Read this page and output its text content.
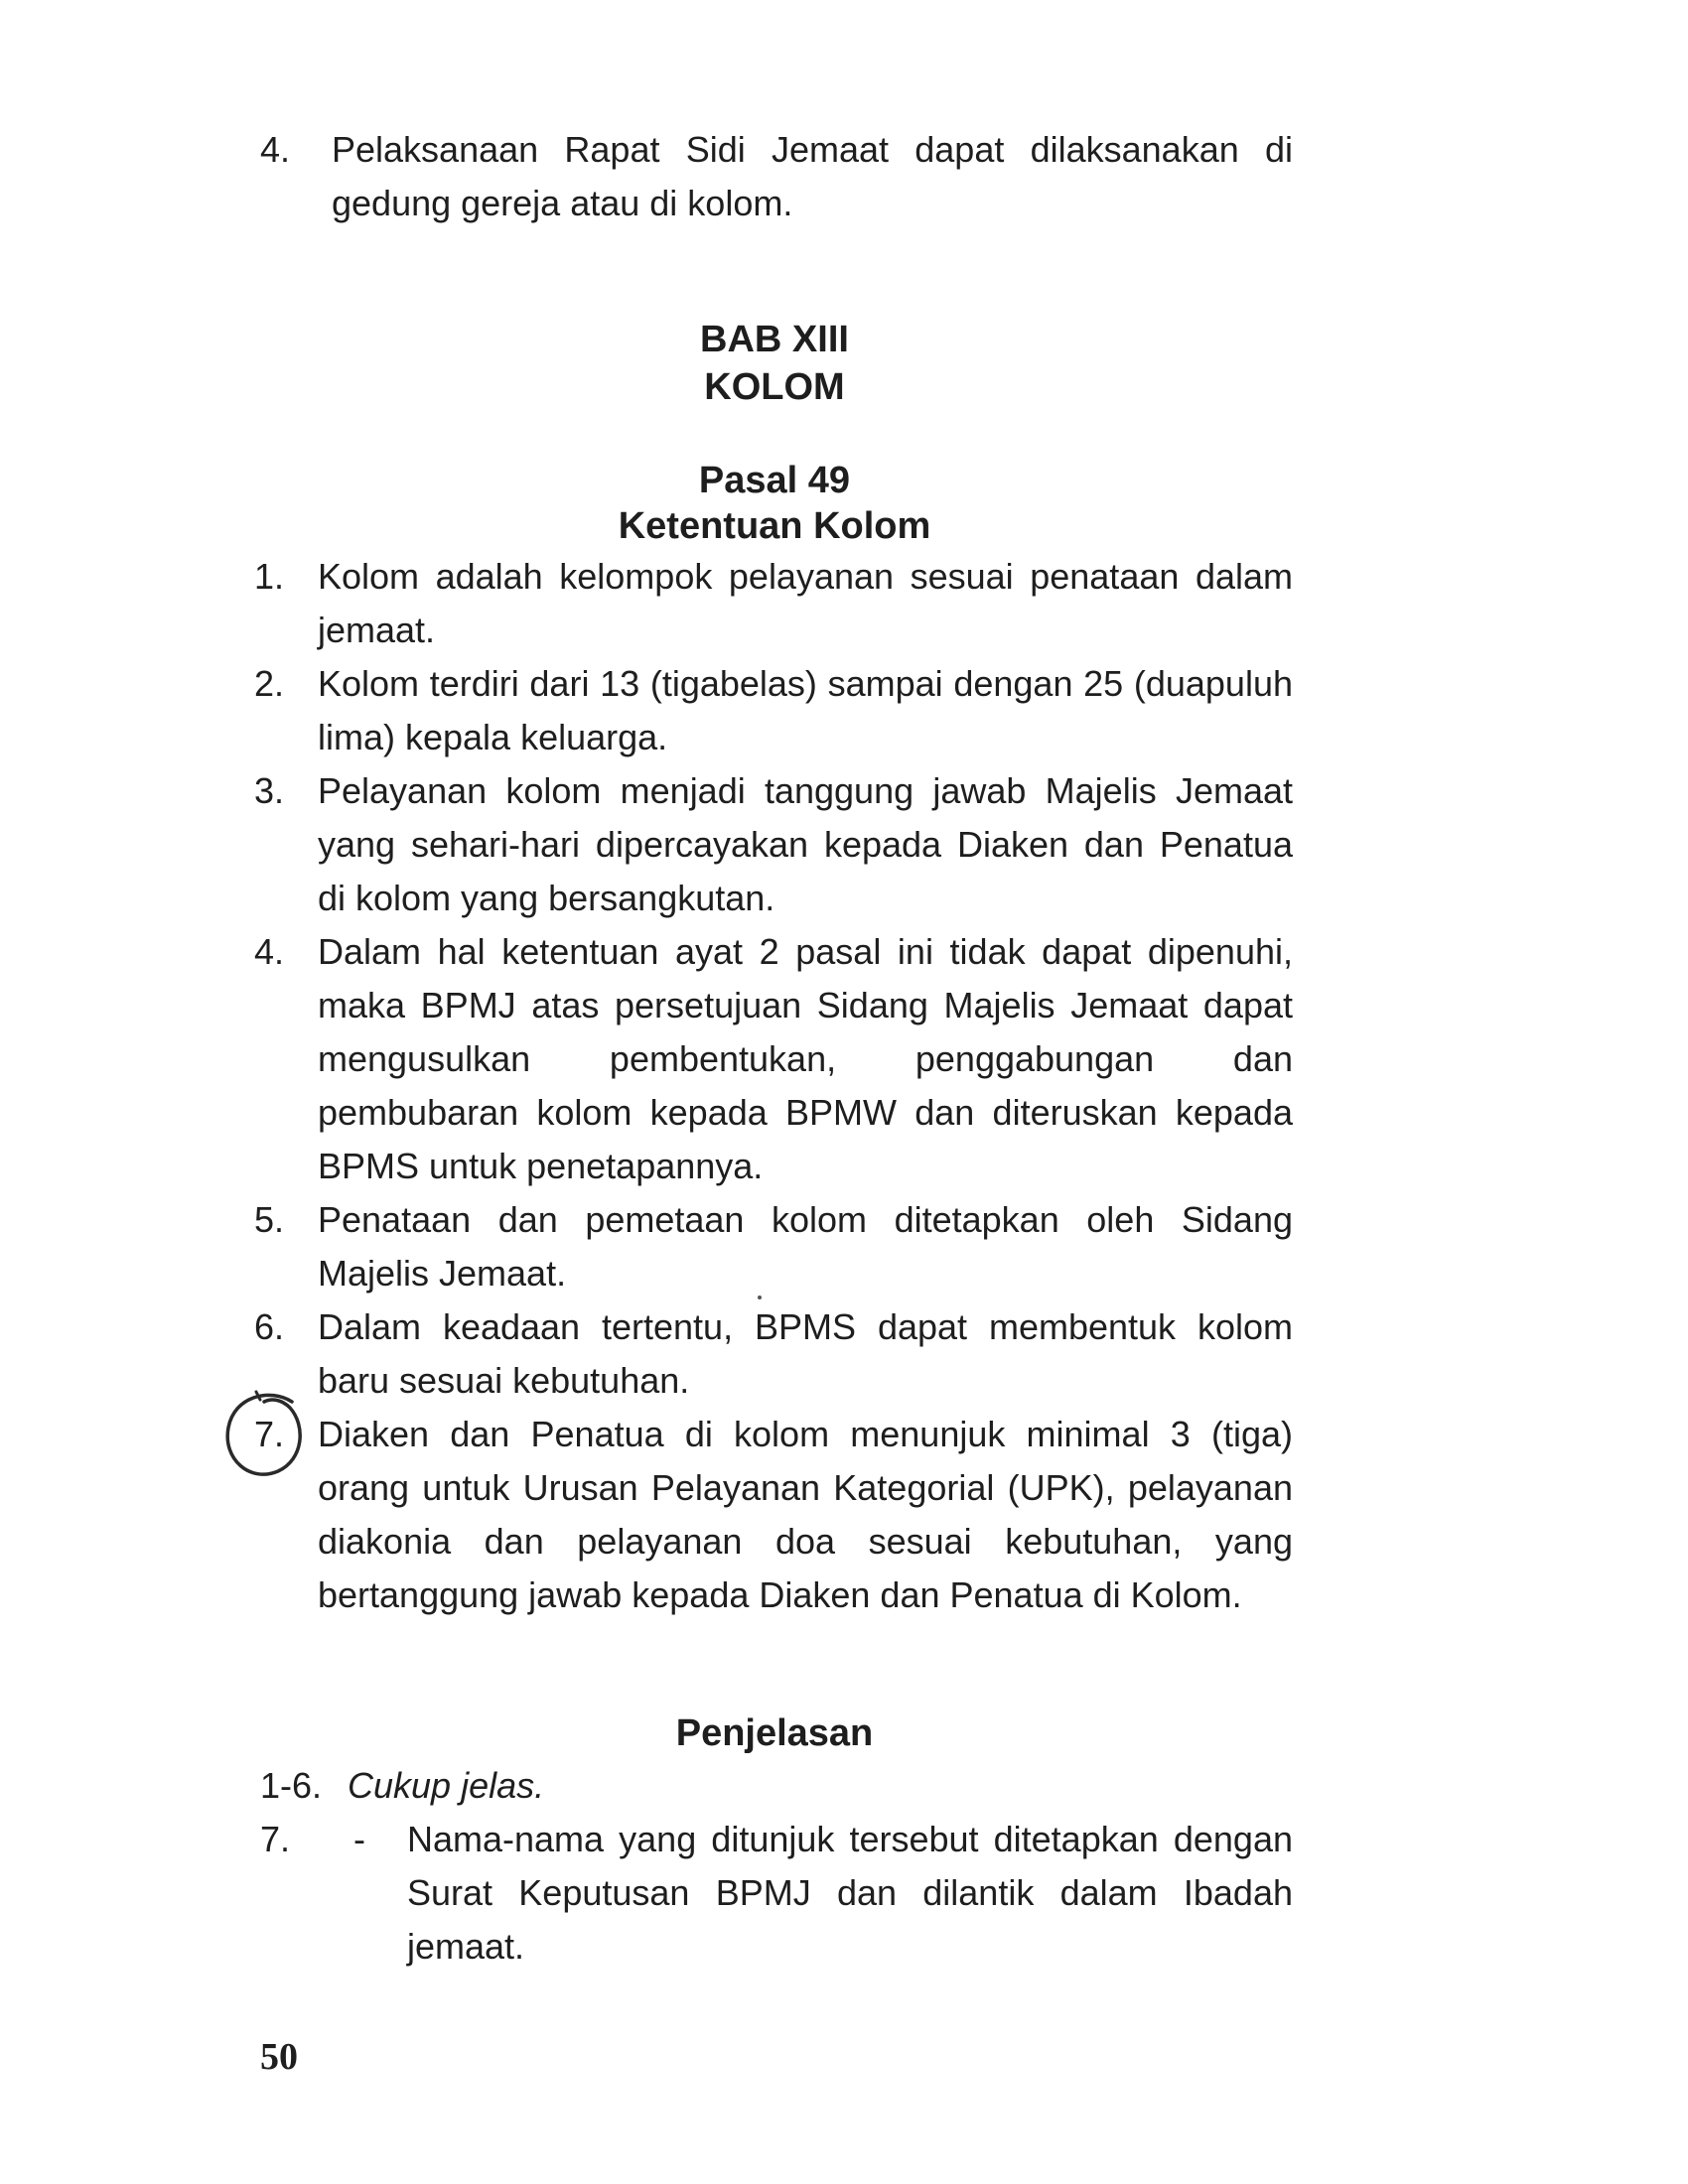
4.	Pelaksanaan Rapat Sidi Jemaat dapat dilaksanakan di gedung gereja atau di kolom.
BAB XIII
KOLOM
Pasal 49
Ketentuan Kolom
1. Kolom adalah kelompok pelayanan sesuai penataan dalam jemaat.
2. Kolom terdiri dari 13 (tigabelas) sampai dengan 25 (duapuluh lima) kepala keluarga.
3. Pelayanan kolom menjadi tanggung jawab Majelis Jemaat yang sehari-hari dipercayakan kepada Diaken dan Penatua di kolom yang bersangkutan.
4. Dalam hal ketentuan ayat 2 pasal ini tidak dapat dipenuhi, maka BPMJ atas persetujuan Sidang Majelis Jemaat dapat mengusulkan pembentukan, penggabungan dan pembubaran kolom kepada BPMW dan diteruskan kepada BPMS untuk penetapannya.
5. Penataan dan pemetaan kolom ditetapkan oleh Sidang Majelis Jemaat.
6. Dalam keadaan tertentu, BPMS dapat membentuk kolom baru sesuai kebutuhan.
7. Diaken dan Penatua di kolom menunjuk minimal 3 (tiga) orang untuk Urusan Pelayanan Kategorial (UPK), pelayanan diakonia dan pelayanan doa sesuai kebutuhan, yang bertanggung jawab kepada Diaken dan Penatua di Kolom.
Penjelasan
1-6. Cukup jelas.
7.	-	Nama-nama yang ditunjuk tersebut ditetapkan dengan Surat Keputusan BPMJ dan dilantik dalam Ibadah jemaat.
50
